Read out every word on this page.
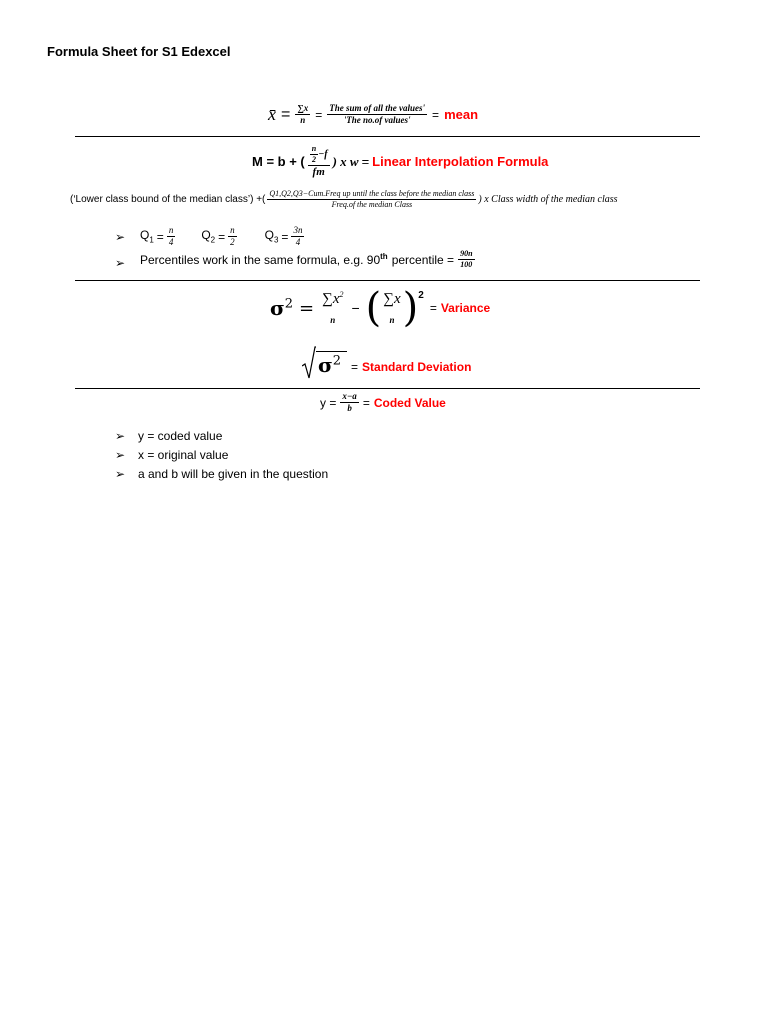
Formula Sheet for S1 Edexcel
x̄ = $\frac{\sum x}{n} = \frac{\text{The sum of all the values'}}{\text{'The no.of values'}}$ = mean
M = b + ( $\frac{\frac{n}{2} -f}{fm}$ ) x w = Linear Interpolation Formula
(‘Lower class bound of the median class’) +( $\frac{\text{Q1,Q2,Q3−Cum.Freq up until the class before the median class}}{\text{Freq.of the median Class}}$ ) x Class width of the median class
➢ $Q_1 = \frac{n}{4} Q_2 = \frac{n}{2} Q_3 = \frac{3n}{4}$
➢ Percentiles work in the same formula, e.g. 90th percentile = $\frac{90n}{100}$
$\sigma^2 = \sum x^2$
n
− ( ∑x
n )$^2$
= Variance
$\sigma^2$ = Standard Deviation
$y = \frac{x-a}{b}$ = Coded Value
➢ y = coded value
➢ x = original value
➢ a and b will be given in the question
